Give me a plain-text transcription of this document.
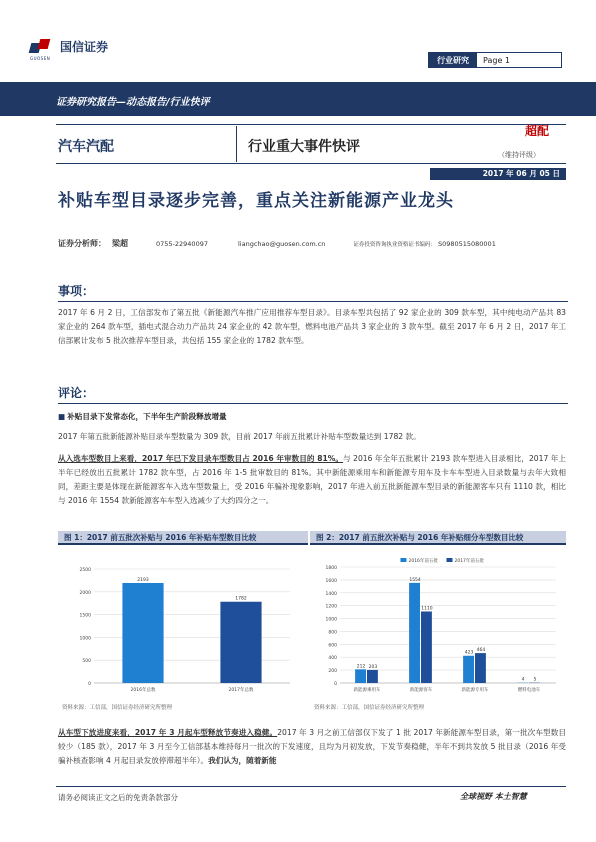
国信证券
GUOSEN	行业研究	Page 1
证券研究报告—动态报告/行业快评
汽车汽配	行业重大事件快评
超配
（维持评级）
2017 年 06 月 05 日
补贴车型目录逐步完善，重点关注新能源产业龙头
证券分析师： 梁超	0755-22940097	liangchao@guosen.com.cn	证券投资咨询执业资格证书编码： S0980515080001
事项：
2017 年 6 月 2 日，工信部发布了第五批《新能源汽车推广应用推荐车型目录》。目录车型共包括了 92 家企业的 309 款车型，其中纯电动产品共 83 家企业的 264 款车型，插电式混合动力产品共 24 家企业的 42 款车型，燃料电池产品共 3 家企业的 3 款车型。截至 2017 年 6 月 2 日，2017 年工信部累计发布 5 批次推荐车型目录，共包括 155 家企业的 1782 款车型。
评论：
■ 补贴目录下发常态化，下半年生产阶段释放增量
2017 年第五批新能源补贴目录车型数量为 309 款，目前 2017 年前五批累计补贴车型数量达到 1782 款。
从入选车型数目上来看，2017 年已下发目录车型数目占 2016 年审数目的 81%。与 2016 年全年五批累计 2193 款车型进入目录相比，2017 年上半年已经放出五批累计 1782 款车型，占 2016 年 1-5 批审数目的 81%。其中新能源乘用车和新能源专用车及卡车车型进入目录数量与去年大致相同，差距主要是体现在新能源客车入选车型数量上，受 2016 年骗补现象影响，2017 年进入前五批新能源车型目录的新能源客车只有 1110 款，相比与 2016 年 1554 款新能源客车车型入选减少了大约四分之一。
图 1：2017 前五批次补贴与 2016 年补贴车型数目比较
0
500
1000
1500
2000
2500
2193
2016年总数
1782
2017年总数
资料来源：工信部，国信证券经济研究所整理
图 2：2017 前五批次补贴与 2016 年补贴细分车型数目比较
0
200
400
600
800
1000
1200
1400
1600
1800
212 203
新能源乘用车
1554
1110
新能源客车
423
464
新能源专用车
4 5
燃料电池车
2016年前五批	2017年前五批
资料来源：工信部，国信证券经济研究所整理
从车型下放进度来看，2017 年 3 月起车型释放节奏进入稳健。2017 年 3 月之前工信部仅下发了 1 批 2017 年新能源车型目录，第一批次车型数目较少（185 款），2017 年 3 月至今工信部基本维持每月一批次的下发速度，且均为月初发放，下发节奏稳健，半年不到共发放 5 批目录（2016 年受骗补核查影响 4 月起目录发放停滞超半年）。我们认为，随着新能
请务必阅读正文之后的免责条款部分	全球视野 本土智慧
